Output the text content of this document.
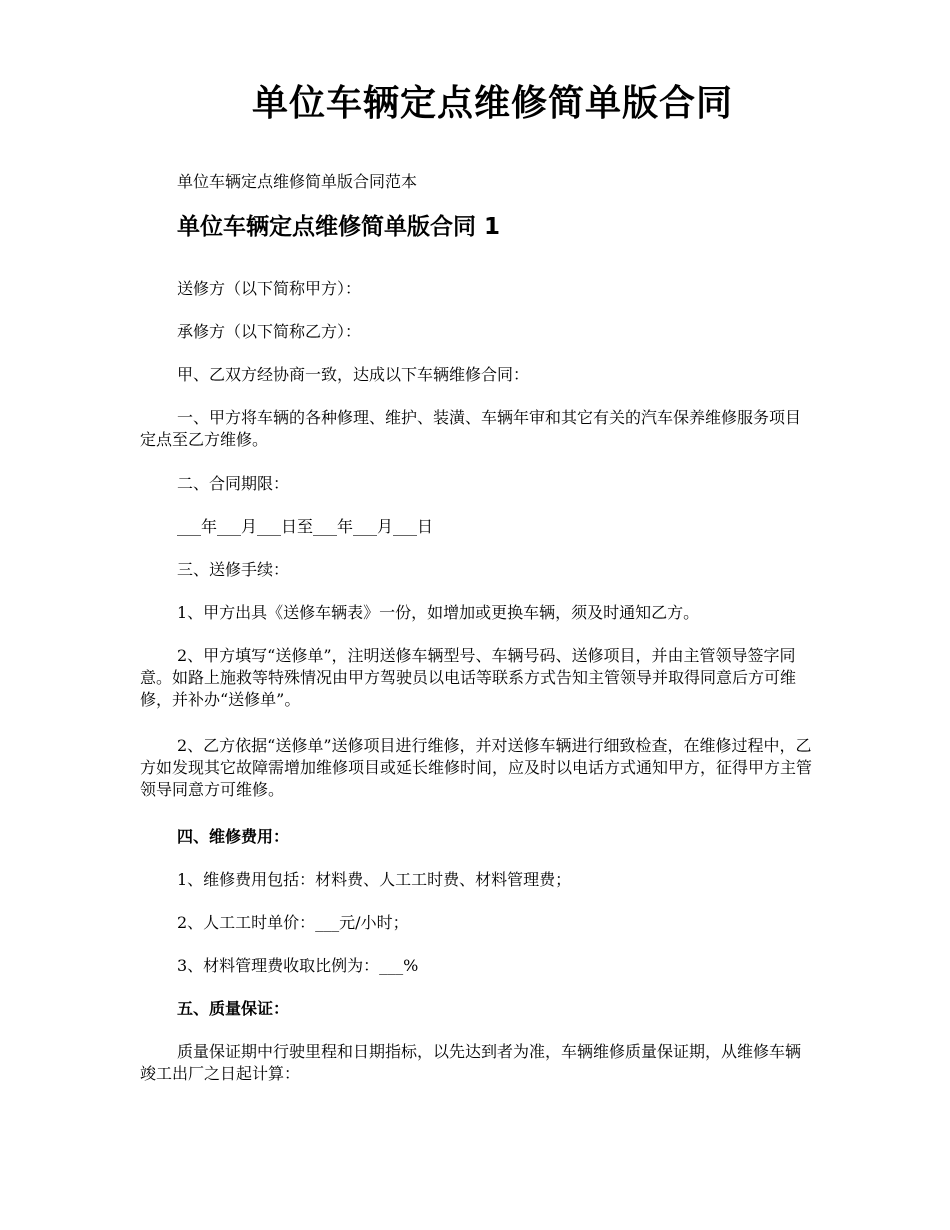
单位车辆定点维修简单版合同

单位车辆定点维修简单版合同范本

单位车辆定点维修简单版合同 1

送修方（以下简称甲方）：

承修方（以下简称乙方）：

甲、乙双方经协商一致，达成以下车辆维修合同：

一、甲方将车辆的各种修理、维护、装潢、车辆年审和其它有关的汽车保养维修服务项目定点至乙方维修。

二、合同期限：

___年___月___日至___年___月___日

三、送修手续：

1、甲方出具《送修车辆表》一份，如增加或更换车辆，须及时通知乙方。

2、甲方填写“送修单”，注明送修车辆型号、车辆号码、送修项目，并由主管领导签字同意。如路上施救等特殊情况由甲方驾驶员以电话等联系方式告知主管领导并取得同意后方可维修，并补办“送修单”。

2、乙方依据“送修单”送修项目进行维修，并对送修车辆进行细致检查，在维修过程中，乙方如发现其它故障需增加维修项目或延长维修时间，应及时以电话方式通知甲方，征得甲方主管领导同意方可维修。

四、维修费用：

1、维修费用包括：材料费、人工工时费、材料管理费；

2、人工工时单价：___元/小时；

3、材料管理费收取比例为：___%

五、质量保证：

质量保证期中行驶里程和日期指标，以先达到者为准，车辆维修质量保证期，从维修车辆竣工出厂之日起计算：
